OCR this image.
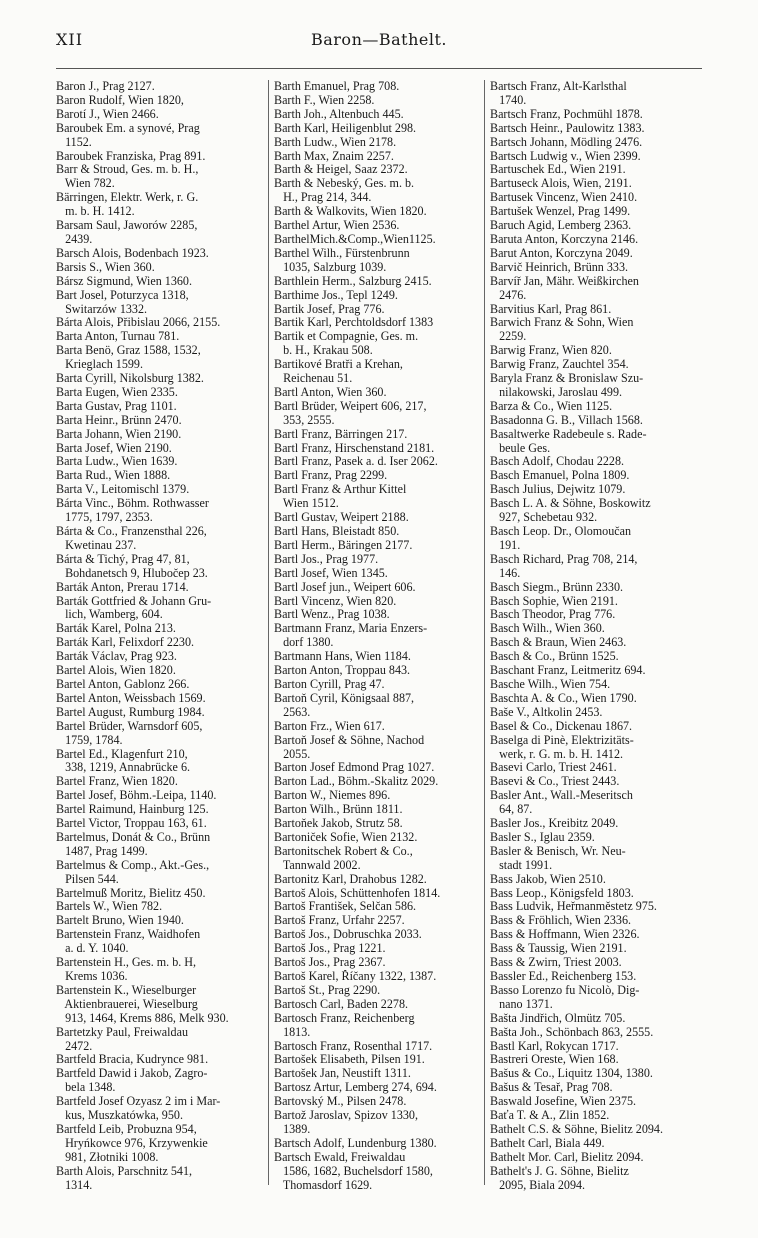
XII	Baron—Bathelt.
Baron J., Prag 2127.
Baron Rudolf, Wien 1820,
Barotí J., Wien 2466.
Baroubek Em. a synové, Prag
1152.
Baroubek Franziska, Prag 891.
Barr & Stroud, Ges. m. b. H.,
Wien 782.
Bärringen, Elektr. Werk, r. G.
m. b. H. 1412.
Barsam Saul, Jaworów 2285,
2439.
Barsch Alois, Bodenbach 1923.
Barsis S., Wien 360.
Bársz Sigmund, Wien 1360.
Bart Josel, Poturzyca 1318,
Switarzów 1332.
Bárta Alois, Přibislau 2066, 2155.
Barta Anton, Turnau 781.
Barta Benö, Graz 1588, 1532,
Krieglach 1599.
Barta Cyrill, Nikolsburg 1382.
Barta Eugen, Wien 2335.
Barta Gustav, Prag 1101.
Barta Heinr., Brünn 2470.
Barta Johann, Wien 2190.
Barta Josef, Wien 2190.
Barta Ludw., Wien 1639.
Barta Rud., Wien 1888.
Barta V., Leitomischl 1379.
Bárta Vinc., Böhm. Rothwasser
1775, 1797, 2353.
Bárta & Co., Franzensthal 226,
Kwetinau 237.
Bárta & Tichý, Prag 47, 81,
Bohdanetsch 9, Hlubočep 23.
Barták Anton, Prerau 1714.
Barták Gottfried & Johann Gru-
lich, Wamberg, 604.
Barták Karel, Polna 213.
Barták Karl, Felixdorf 2230.
Barták Václav, Prag 923.
Bartel Alois, Wien 1820.
Bartel Anton, Gablonz 266.
Bartel Anton, Weissbach 1569.
Bartel August, Rumburg 1984.
Bartel Brüder, Warnsdorf 605,
1759, 1784.
Bartel Ed., Klagenfurt 210,
338, 1219, Annabrücke 6.
Bartel Franz, Wien 1820.
Bartel Josef, Böhm.-Leipa, 1140.
Bartel Raimund, Hainburg 125.
Bartel Victor, Troppau 163, 61.
Bartelmus, Donát & Co., Brünn
1487, Prag 1499.
Bartelmus & Comp., Akt.-Ges.,
Pilsen 544.
Bartelmuß Moritz, Bielitz 450.
Bartels W., Wien 782.
Bartelt Bruno, Wien 1940.
Bartenstein Franz, Waidhofen
a. d. Y. 1040.
Bartenstein H., Ges. m. b. H,
Krems 1036.
Bartenstein K., Wieselburger
Aktienbrauerei, Wieselburg
913, 1464, Krems 886, Melk 930.
Bartetzky Paul, Freiwaldau
2472.
Bartfeld Bracia, Kudrynce 981.
Bartfeld Dawid i Jakob, Zagro-
bela 1348.
Bartfeld Josef Ozyasz 2 im i Mar-
kus, Muszkatówka, 950.
Bartfeld Leib, Probuzna 954,
Hryńkowce 976, Krzywenkie
981, Złotniki 1008.
Barth Alois, Parschnitz 541,
1314.
Barth Emanuel, Prag 708.
Barth F., Wien 2258.
Barth Joh., Altenbuch 445.
Barth Karl, Heiligenblut 298.
Barth Ludw., Wien 2178.
Barth Max, Znaim 2257.
Barth & Heigel, Saaz 2372.
Barth & Nebeský, Ges. m. b.
H., Prag 214, 344.
Barth & Walkovits, Wien 1820.
Barthel Artur, Wien 2536.
BarthelMich.&Comp.,Wien1125.
Barthel Wilh., Fürstenbrunn
1035, Salzburg 1039.
Barthlein Herm., Salzburg 2415.
Barthime Jos., Tepl 1249.
Bartik Josef, Prag 776.
Bartik Karl, Perchtoldsdorf 1383
Bartik et Compagnie, Ges. m.
b. H., Krakau 508.
Bartikové Bratři a Krehan,
Reichenau 51.
Bartl Anton, Wien 360.
Bartl Brüder, Weipert 606, 217,
353, 2555.
Bartl Franz, Bärringen 217.
Bartl Franz, Hirschenstand 2181.
Bartl Franz, Pasek a. d. Iser 2062.
Bartl Franz, Prag 2299.
Bartl Franz & Arthur Kittel
Wien 1512.
Bartl Gustav, Weipert 2188.
Bartl Hans, Bleistadt 850.
Bartl Herm., Bäringen 2177.
Bartl Jos., Prag 1977.
Bartl Josef, Wien 1345.
Bartl Josef jun., Weipert 606.
Bartl Vincenz, Wien 820.
Bartl Wenz., Prag 1038.
Bartmann Franz, Maria Enzers-
dorf 1380.
Bartmann Hans, Wien 1184.
Barton Anton, Troppau 843.
Barton Cyrill, Prag 47.
Bartoň Cyril, Königsaal 887,
2563.
Barton Frz., Wien 617.
Bartoň Josef & Söhne, Nachod
2055.
Barton Josef Edmond Prag 1027.
Barton Lad., Böhm.-Skalitz 2029.
Barton W., Niemes 896.
Barton Wilh., Brünn 1811.
Bartoňek Jakob, Strutz 58.
Bartoniček Sofie, Wien 2132.
Bartonitschek Robert & Co.,
Tannwald 2002.
Bartonitz Karl, Drahobus 1282.
Bartoš Alois, Schüttenhofen 1814.
Bartoš František, Selčan 586.
Bartoš Franz, Urfahr 2257.
Bartoš Jos., Dobruschka 2033.
Bartoš Jos., Prag 1221.
Bartoš Jos., Prag 2367.
Bartoš Karel, Říčany 1322, 1387.
Bartoš St., Prag 2290.
Bartosch Carl, Baden 2278.
Bartosch Franz, Reichenberg
1813.
Bartosch Franz, Rosenthal 1717.
Bartošek Elisabeth, Pilsen 191.
Bartošek Jan, Neustift 1311.
Bartosz Artur, Lemberg 274, 694.
Bartovský M., Pilsen 2478.
Bartož Jaroslav, Spizov 1330,
1389.
Bartsch Adolf, Lundenburg 1380.
Bartsch Ewald, Freiwaldau
1586, 1682, Buchelsdorf 1580,
Thomasdorf 1629.
Bartsch Franz, Alt-Karlsthal
1740.
Bartsch Franz, Pochmühl 1878.
Bartsch Heinr., Paulowitz 1383.
Bartsch Johann, Mödling 2476.
Bartsch Ludwig v., Wien 2399.
Bartuschek Ed., Wien 2191.
Bartuseck Alois, Wien, 2191.
Bartusek Vincenz, Wien 2410.
Bartušek Wenzel, Prag 1499.
Baruch Agid, Lemberg 2363.
Baruta Anton, Korczyna 2146.
Barut Anton, Korczyna 2049.
Barvič Heinrich, Brünn 333.
Barvíř Jan, Mähr. Weißkirchen
2476.
Barvitius Karl, Prag 861.
Barwich Franz & Sohn, Wien
2259.
Barwig Franz, Wien 820.
Barwig Franz, Zauchtel 354.
Baryla Franz & Bronislaw Szu-
nilakowski, Jaroslau 499.
Barza & Co., Wien 1125.
Basadonna G. B., Villach 1568.
Basaltwerke Radebeule s. Rade-
beule Ges.
Basch Adolf, Chodau 2228.
Basch Emanuel, Polna 1809.
Basch Julius, Dejwitz 1079.
Basch L. A. & Söhne, Boskowitz
927, Schebetau 932.
Basch Leop. Dr., Olomoučan
191.
Basch Richard, Prag 708, 214,
146.
Basch Siegm., Brünn 2330.
Basch Sophie, Wien 2191.
Basch Theodor, Prag 776.
Basch Wilh., Wien 360.
Basch & Braun, Wien 2463.
Basch & Co., Brünn 1525.
Baschant Franz, Leitmeritz 694.
Basche Wilh., Wien 754.
Baschta A. & Co., Wien 1790.
Baše V., Altkolin 2453.
Basel & Co., Dickenau 1867.
Baselga di Pinè, Elektrizitäts-
werk, r. G. m. b. H. 1412.
Basevi Carlo, Triest 2461.
Basevi & Co., Triest 2443.
Basler Ant., Wall.-Meseritsch
64, 87.
Basler Jos., Kreibitz 2049.
Basler S., Iglau 2359.
Basler & Benisch, Wr. Neu-
stadt 1991.
Bass Jakob, Wien 2510.
Bass Leop., Königsfeld 1803.
Bass Ludvik, Heřmanměstetz 975.
Bass & Fröhlich, Wien 2336.
Bass & Hoffmann, Wien 2326.
Bass & Taussig, Wien 2191.
Bass & Zwirn, Triest 2003.
Bassler Ed., Reichenberg 153.
Basso Lorenzo fu Nicolò, Dig-
nano 1371.
Bašta Jindřich, Olmütz 705.
Bašta Joh., Schönbach 863, 2555.
Bastl Karl, Rokycan 1717.
Bastreri Oreste, Wien 168.
Bašus & Co., Liquitz 1304, 1380.
Bašus & Tesař, Prag 708.
Baswald Josefine, Wien 2375.
Baťa T. & A., Zlin 1852.
Bathelt C.S. & Söhne, Bielitz 2094.
Bathelt Carl, Biala 449.
Bathelt Mor. Carl, Bielitz 2094.
Bathelt's J. G. Söhne, Bielitz
2095, Biala 2094.
